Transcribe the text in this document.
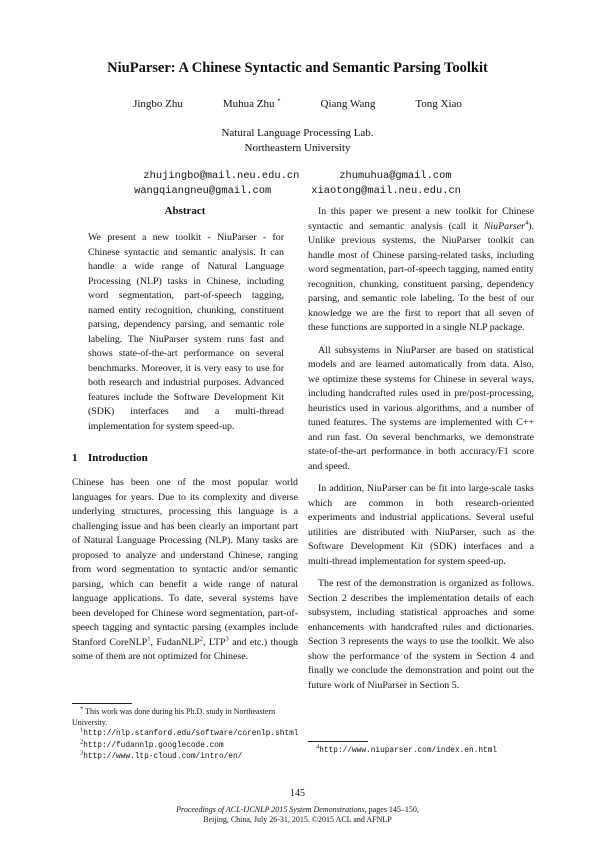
NiuParser: A Chinese Syntactic and Semantic Parsing Toolkit
Jingbo Zhu	Muhua Zhu *	Qiang Wang	Tong Xiao
Natural Language Processing Lab.
Northeastern University
zhujingbo@mail.neu.edu.cn	zhumuhua@gmail.com
wangqiangneu@gmail.com	xiaotong@mail.neu.edu.cn
Abstract
We present a new toolkit - NiuParser - for Chinese syntactic and semantic analysis. It can handle a wide range of Natural Language Processing (NLP) tasks in Chinese, including word segmentation, part-of-speech tagging, named entity recognition, chunking, constituent parsing, dependency parsing, and semantic role labeling. The NiuParser system runs fast and shows state-of-the-art performance on several benchmarks. Moreover, it is very easy to use for both research and industrial purposes. Advanced features include the Software Development Kit (SDK) interfaces and a multi-thread implementation for system speed-up.
1 Introduction

Chinese has been one of the most popular world languages for years. Due to its complexity and diverse underlying structures, processing this language is a challenging issue and has been clearly an important part of Natural Language Processing (NLP). Many tasks are proposed to analyze and understand Chinese, ranging from word segmentation to syntactic and/or semantic parsing, which can benefit a wide range of natural language applications. To date, several systems have been developed for Chinese word segmentation, part-of-speech tagging and syntactic parsing (examples include Stanford CoreNLP$^1$, FudanNLP$^2$, LTP$^3$ and etc.) though some of them are not optimized for Chinese.

In this paper we present a new toolkit for Chinese syntactic and semantic analysis (call it NiuParser$^4$). Unlike previous systems, the NiuParser toolkit can handle most of Chinese parsing-related tasks, including word segmentation, part-of-speech tagging, named entity recognition, chunking, constituent parsing, dependency parsing, and semantic role labeling. To the best of our knowledge we are the first to report that all seven of these functions are supported in a single NLP package.

All subsystems in NiuParser are based on statistical models and are learned automatically from data. Also, we optimize these systems for Chinese in several ways, including handcrafted rules used in pre/post-processing, heuristics used in various algorithms, and a number of tuned features. The systems are implemented with C++ and run fast. On several benchmarks, we demonstrate state-of-the-art performance in both accuracy/F1 score and speed.

In addition, NiuParser can be fit into large-scale tasks which are common in both research-oriented experiments and industrial applications. Several useful utilities are distributed with NiuParser, such as the Software Development Kit (SDK) interfaces and a multi-thread implementation for system speed-up.

The rest of the demonstration is organized as follows. Section 2 describes the implementation details of each subsystem, including statistical approaches and some enhancements with handcrafted rules and dictionaries. Section 3 represents the ways to use the toolkit. We also show the performance of the system in Section 4 and finally we conclude the demonstration and point out the future work of NiuParser in Section 5.

* This work was done during his Ph.D. study in Northeastern University.
$^1$http://nlp.stanford.edu/software/corenlp.shtml
$^2$http://fudannlp.googlecode.com
$^3$http://www.ltp-cloud.com/intro/en/
$^4$http://www.niuparser.com/index.en.html
145
Proceedings of ACL-IJCNLP 2015 System Demonstrations, pages 145–150,
Beijing, China, July 26-31, 2015. ©2015 ACL and AFNLP
